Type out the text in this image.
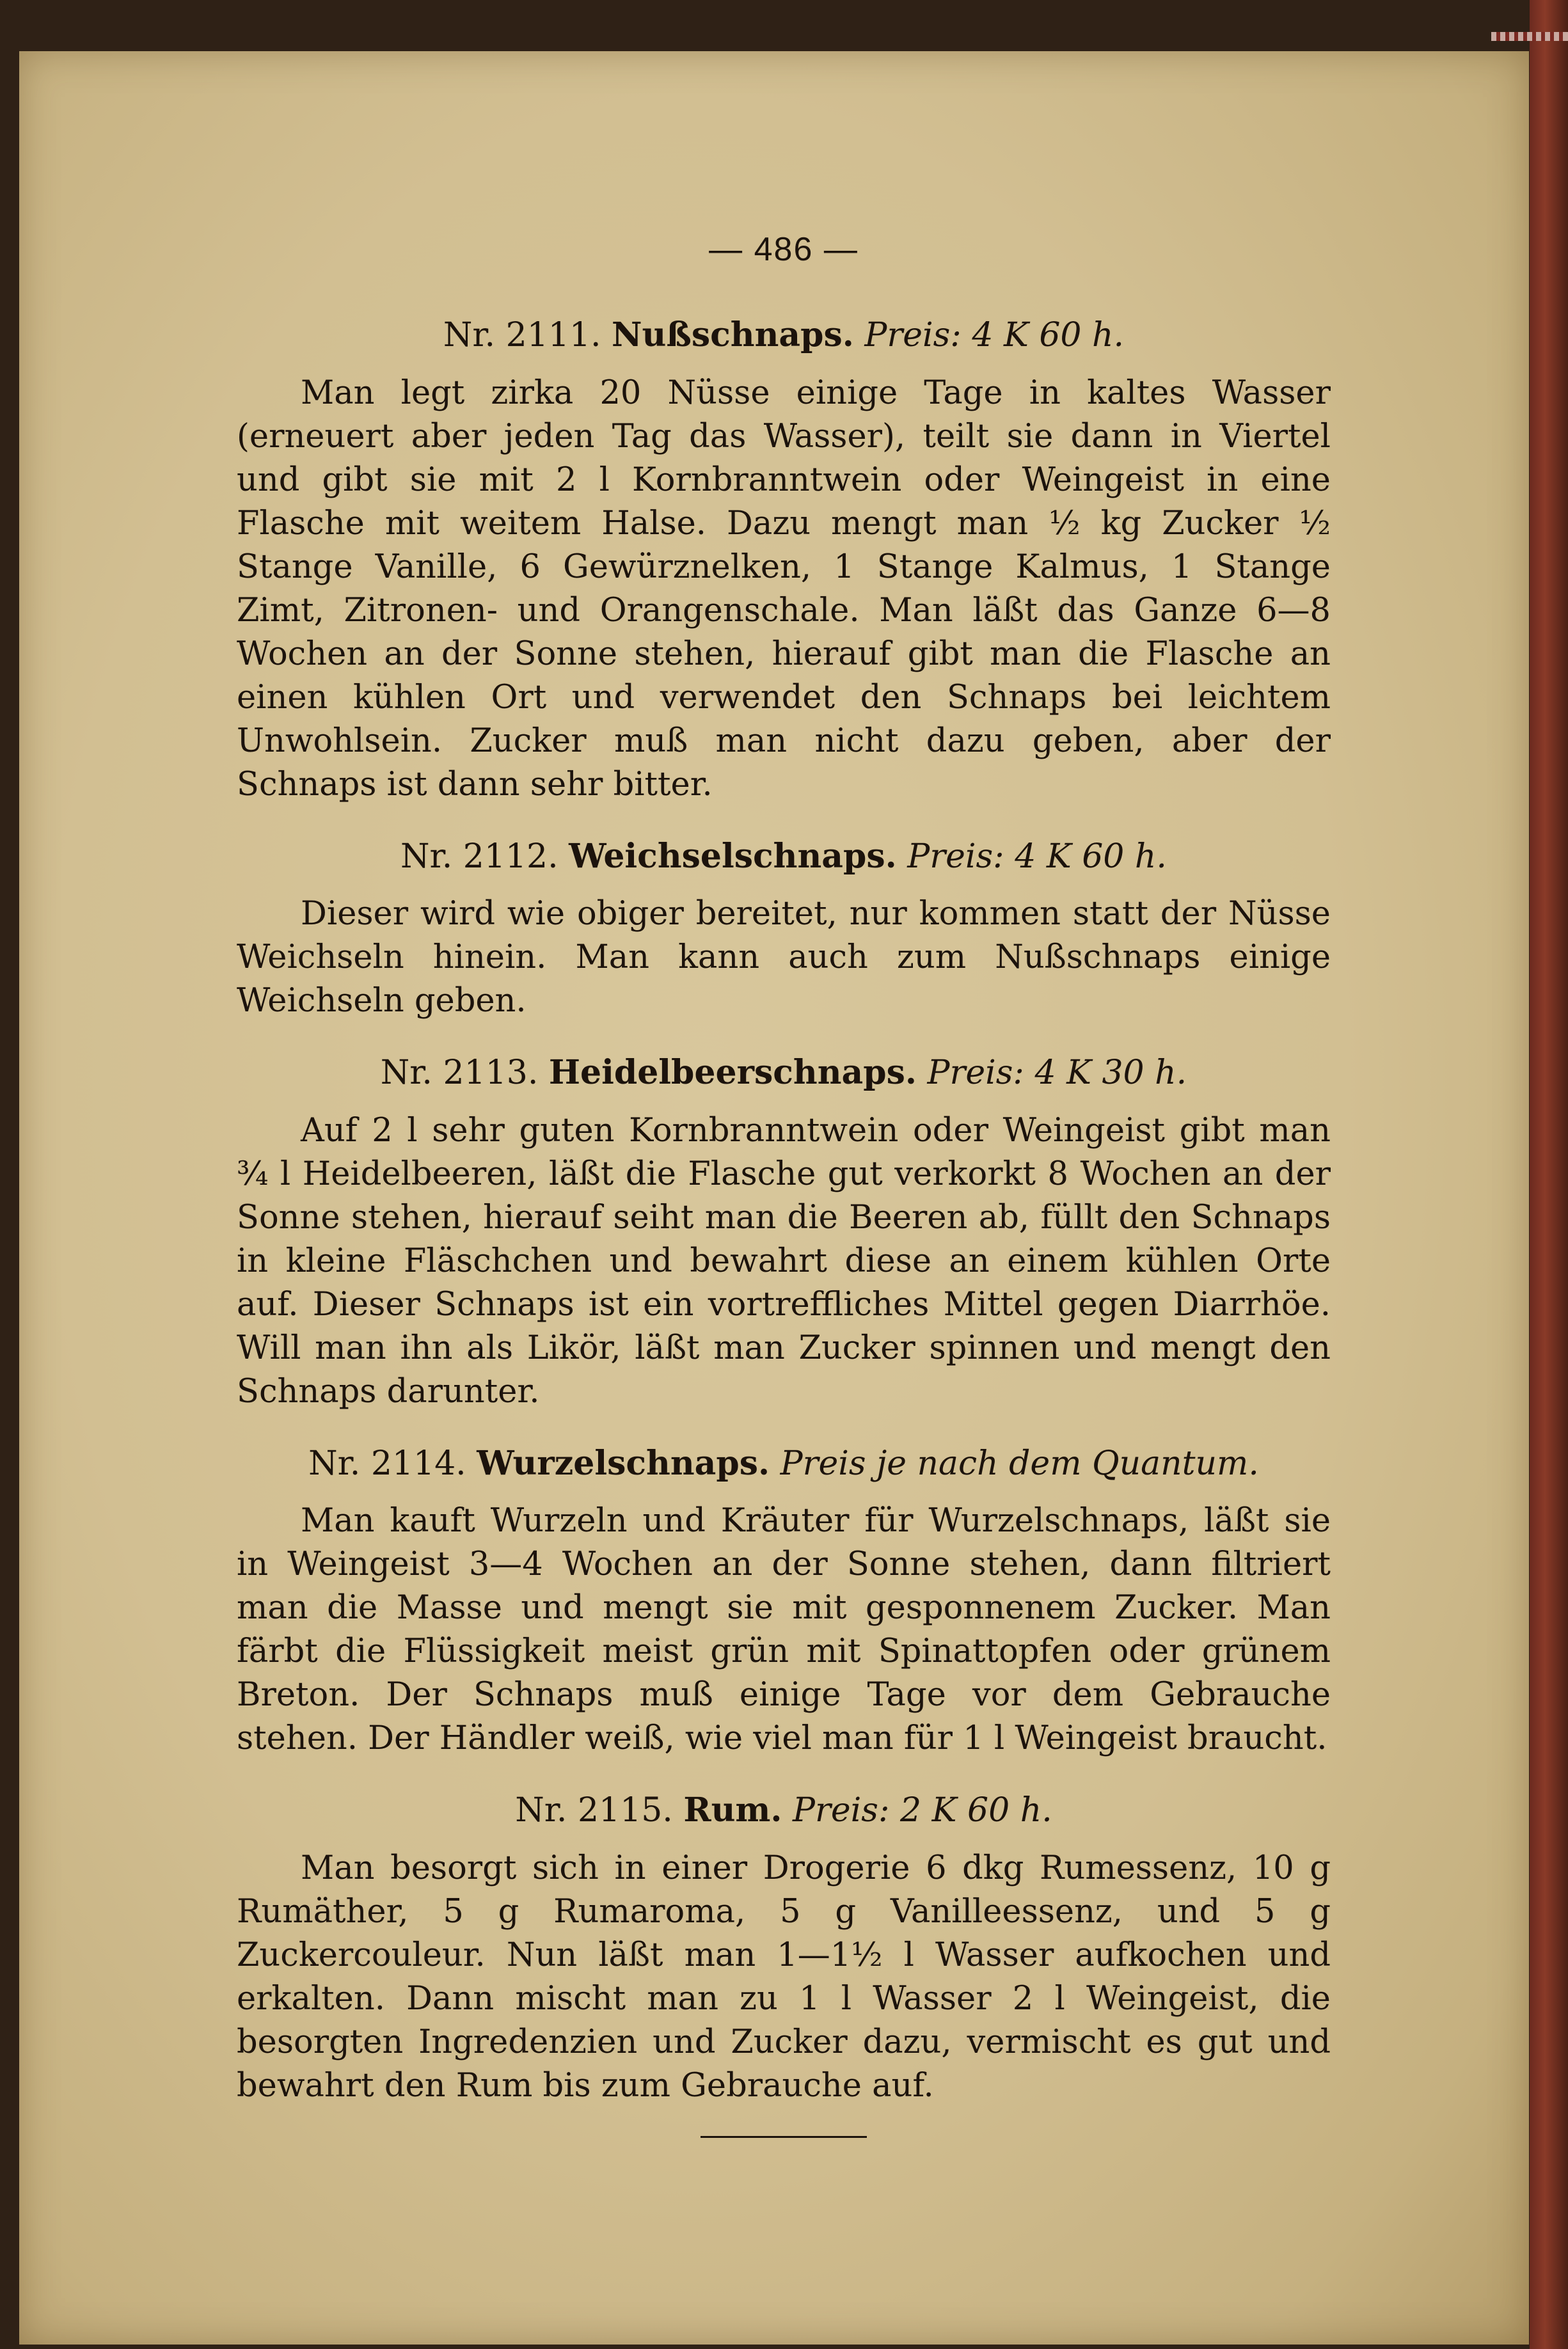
— 486 —
Nr. 2111. Nußschnaps. Preis: 4 K 60 h.

Man legt zirka 20 Nüsse einige Tage in kaltes Wasser (erneuert aber jeden Tag das Wasser), teilt sie dann in Viertel und gibt sie mit 2 l Kornbranntwein oder Weingeist in eine Flasche mit weitem Halse. Dazu mengt man ½ kg Zucker ½ Stange Vanille, 6 Gewürznelken, 1 Stange Kalmus, 1 Stange Zimt, Zitronen- und Orangenschale. Man läßt das Ganze 6—8 Wochen an der Sonne stehen, hierauf gibt man die Flasche an einen kühlen Ort und verwendet den Schnaps bei leichtem Unwohlsein. Zucker muß man nicht dazu geben, aber der Schnaps ist dann sehr bitter.

Nr. 2112. Weichselschnaps. Preis: 4 K 60 h.

Dieser wird wie obiger bereitet, nur kommen statt der Nüsse Weichseln hinein. Man kann auch zum Nußschnaps einige Weichseln geben.

Nr. 2113. Heidelbeerschnaps. Preis: 4 K 30 h.

Auf 2 l sehr guten Kornbranntwein oder Weingeist gibt man ¾ l Heidelbeeren, läßt die Flasche gut verkorkt 8 Wochen an der Sonne stehen, hierauf seiht man die Beeren ab, füllt den Schnaps in kleine Fläschchen und bewahrt diese an einem kühlen Orte auf. Dieser Schnaps ist ein vortreffliches Mittel gegen Diarrhöe. Will man ihn als Likör, läßt man Zucker spinnen und mengt den Schnaps darunter.

Nr. 2114. Wurzelschnaps. Preis je nach dem Quantum.

Man kauft Wurzeln und Kräuter für Wurzelschnaps, läßt sie in Weingeist 3—4 Wochen an der Sonne stehen, dann filtriert man die Masse und mengt sie mit gesponnenem Zucker. Man färbt die Flüssigkeit meist grün mit Spinattopfen oder grünem Breton. Der Schnaps muß einige Tage vor dem Gebrauche stehen. Der Händler weiß, wie viel man für 1 l Weingeist braucht.

Nr. 2115. Rum. Preis: 2 K 60 h.

Man besorgt sich in einer Drogerie 6 dkg Rumessenz, 10 g Rumäther, 5 g Rumaroma, 5 g Vanilleessenz, und 5 g Zuckercouleur. Nun läßt man 1—1½ l Wasser aufkochen und erkalten. Dann mischt man zu 1 l Wasser 2 l Weingeist, die besorgten Ingredenzien und Zucker dazu, vermischt es gut und bewahrt den Rum bis zum Gebrauche auf.
